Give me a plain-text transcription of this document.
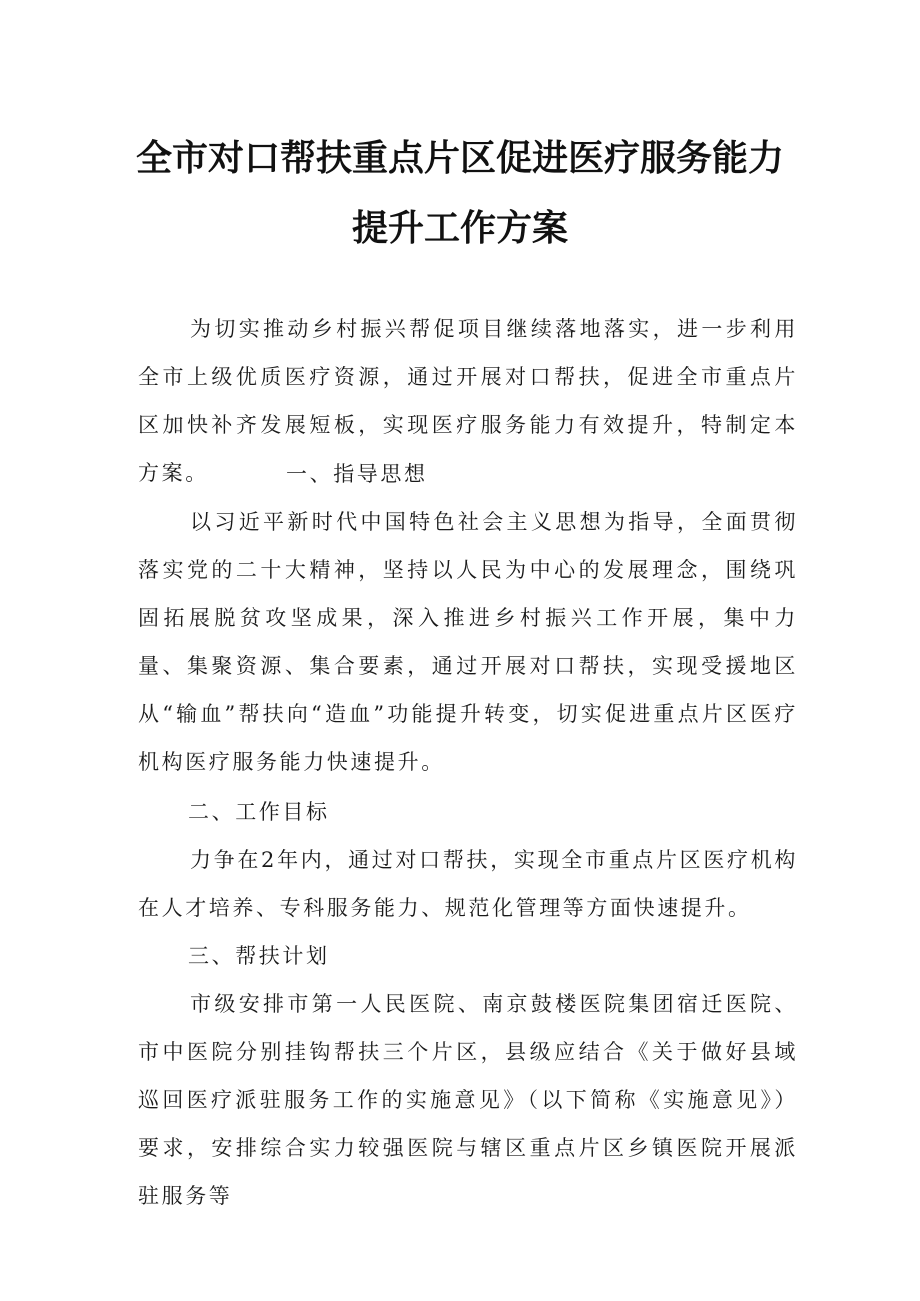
全市对口帮扶重点片区促进医疗服务能力
提升工作方案

为切实推动乡村振兴帮促项目继续落地落实，进一步利用全市上级优质医疗资源，通过开展对口帮扶，促进全市重点片区加快补齐发展短板，实现医疗服务能力有效提升，特制定本方案。	一、指导思想

以习近平新时代中国特色社会主义思想为指导，全面贯彻落实党的二十大精神，坚持以人民为中心的发展理念，围绕巩固拓展脱贫攻坚成果，深入推进乡村振兴工作开展，集中力量、集聚资源、集合要素，通过开展对口帮扶，实现受援地区从“输血”帮扶向“造血”功能提升转变，切实促进重点片区医疗机构医疗服务能力快速提升。

二、工作目标

力争在2年内，通过对口帮扶，实现全市重点片区医疗机构在人才培养、专科服务能力、规范化管理等方面快速提升。

三、帮扶计划

市级安排市第一人民医院、南京鼓楼医院集团宿迁医院、市中医院分别挂钩帮扶三个片区，县级应结合《关于做好县域巡回医疗派驻服务工作的实施意见》（以下简称《实施意见》）要求，安排综合实力较强医院与辖区重点片区乡镇医院开展派驻服务等
